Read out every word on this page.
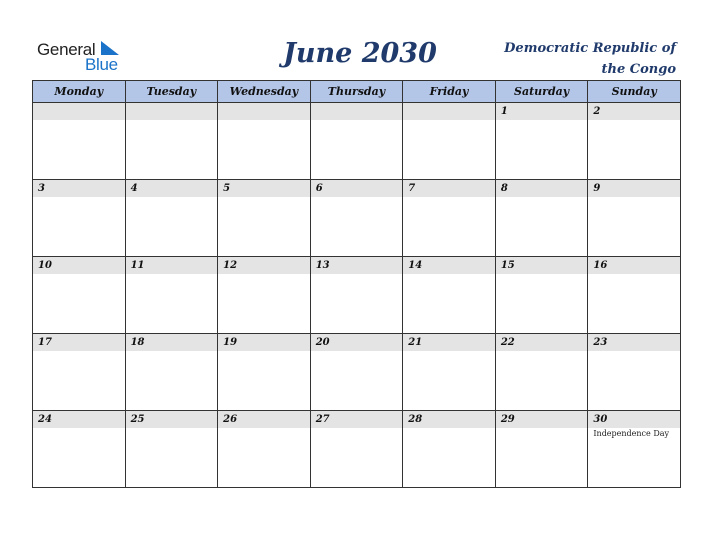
General
Blue	June 2030	Democratic Republic of
the Congo
Monday	Tuesday	Wednesday	Thursday	Friday	Saturday	Sunday

					1	2

3	4	5	6	7	8	9

10	11	12	13	14	15	16

17	18	19	20	21	22	23

24	25	26	27	28	29	30
Independence Day
